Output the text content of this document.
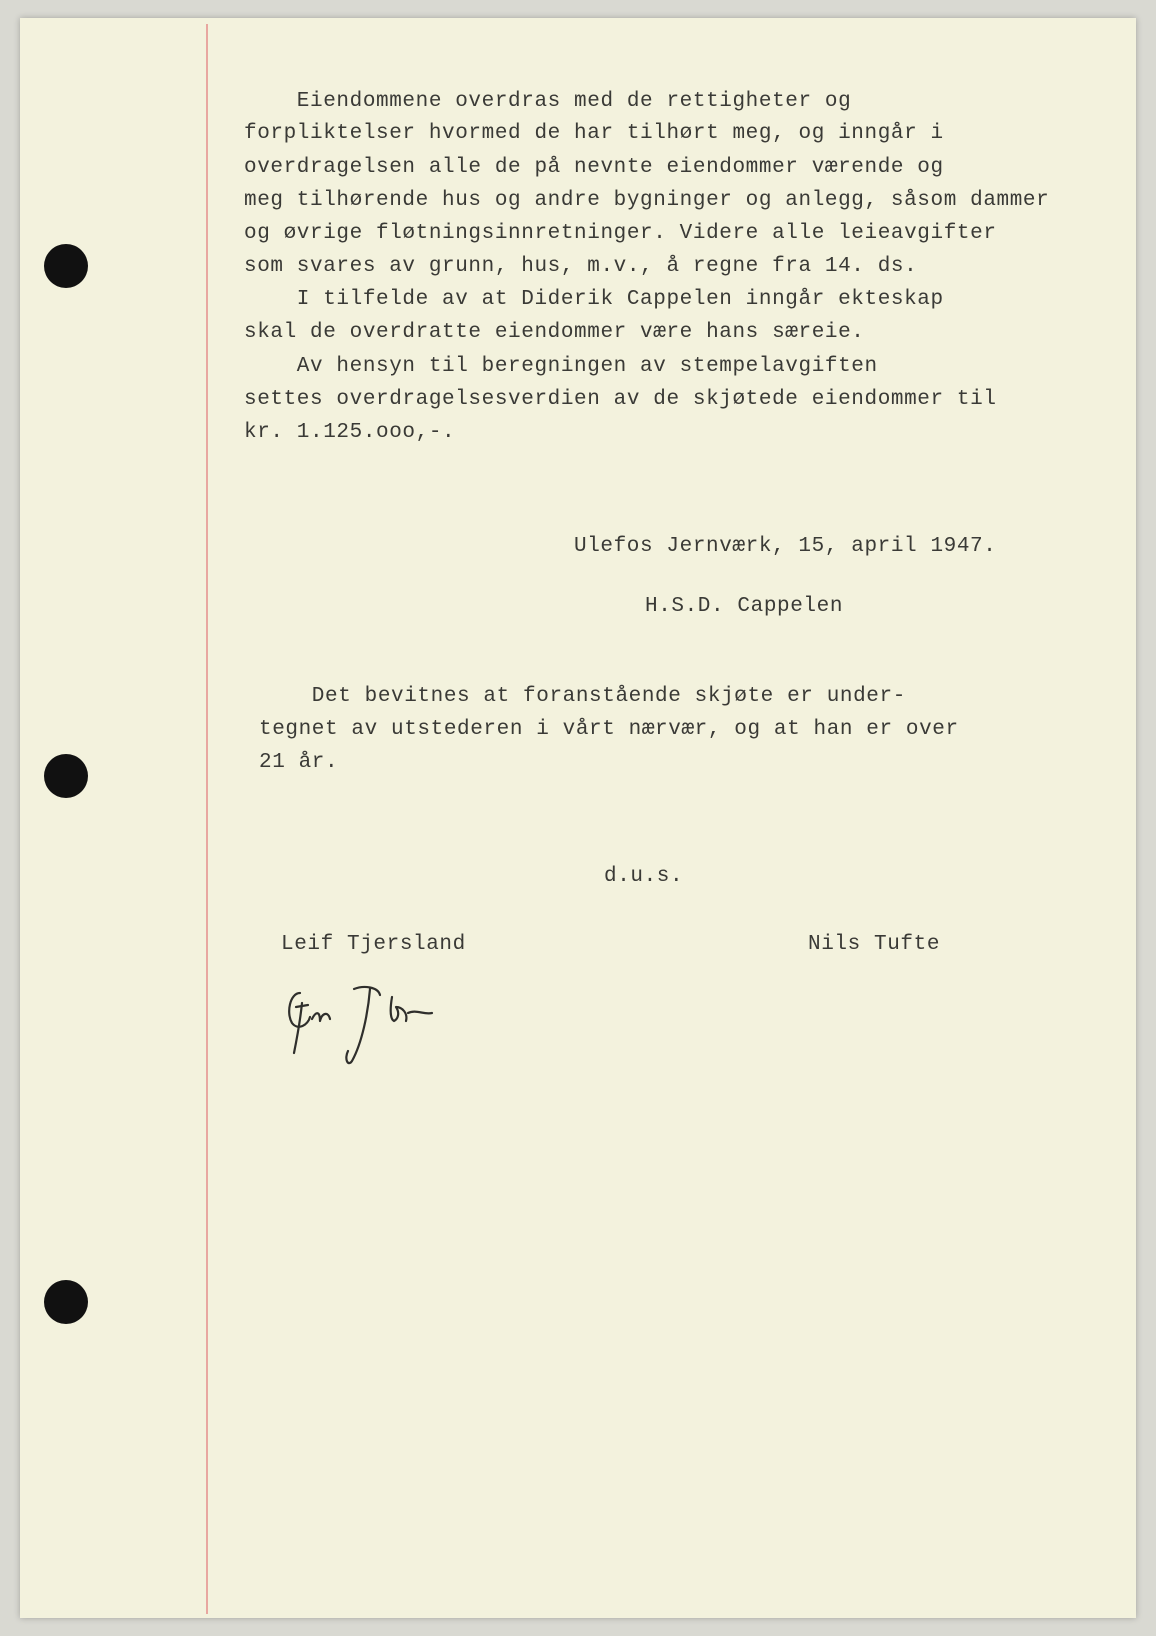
Eiendommene overdras med de rettigheter og
forpliktelser hvormed de har tilhørt meg, og inngår i
overdragelsen alle de på nevnte eiendommer værende og
meg tilhørende hus og andre bygninger og anlegg, såsom dammer
og øvrige fløtningsinnretninger. Videre alle leieavgifter
som svares av grunn, hus, m.v., å regne fra 14. ds.
I tilfelde av at Diderik Cappelen inngår ekteskap
skal de overdratte eiendommer være hans særeie.
Av hensyn til beregningen av stempelavgiften
settes overdragelsesverdien av de skjøtede eiendommer til
kr. 1.125.ooo,-.
Ulefos Jernværk, 15, april 1947.
H.S.D. Cappelen
Det bevitnes at foranstående skjøte er under-
tegnet av utstederen i vårt nærvær, og at han er over
21 år.
d.u.s.
Leif Tjersland	Nils Tufte
